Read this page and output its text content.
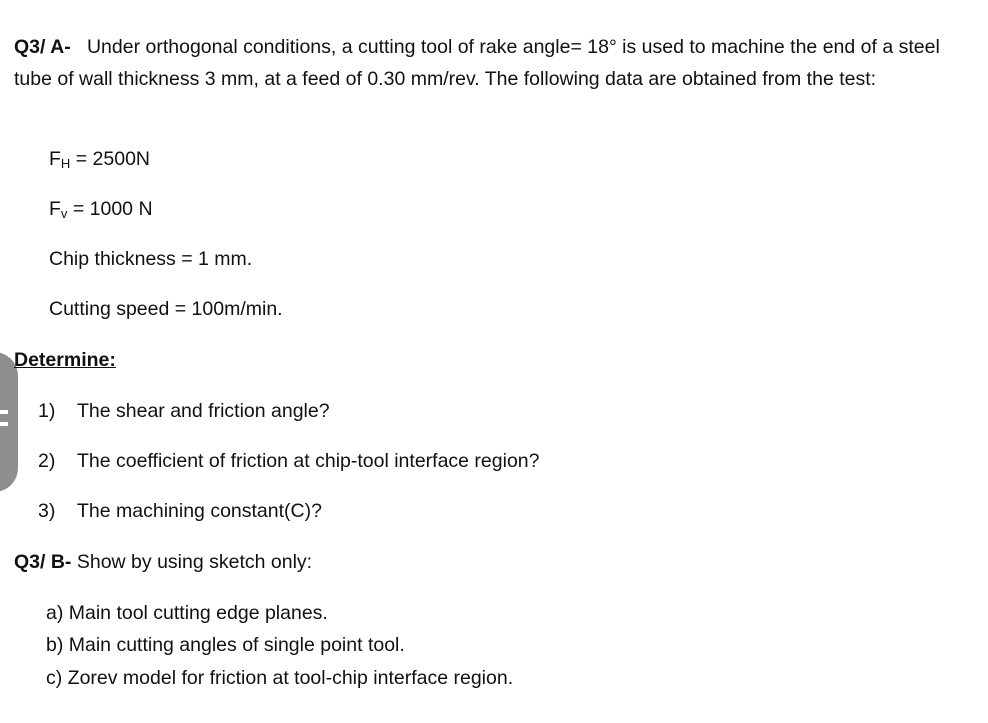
Q3/ A- Under orthogonal conditions, a cutting tool of rake angle= 18° is used to machine the end of a steel tube of wall thickness 3 mm, at a feed of 0.30 mm/rev. The following data are obtained from the test:
$F_H = 2500N$
$F_v = 1000$ N
Chip thickness = 1 mm.
Cutting speed = 100m/min.
Determine:
1) The shear and friction angle?
2) The coefficient of friction at chip-tool interface region?
3) The machining constant(C)?
Q3/ B- Show by using sketch only:
a) Main tool cutting edge planes.
b) Main cutting angles of single point tool.
c) Zorev model for friction at tool-chip interface region.
